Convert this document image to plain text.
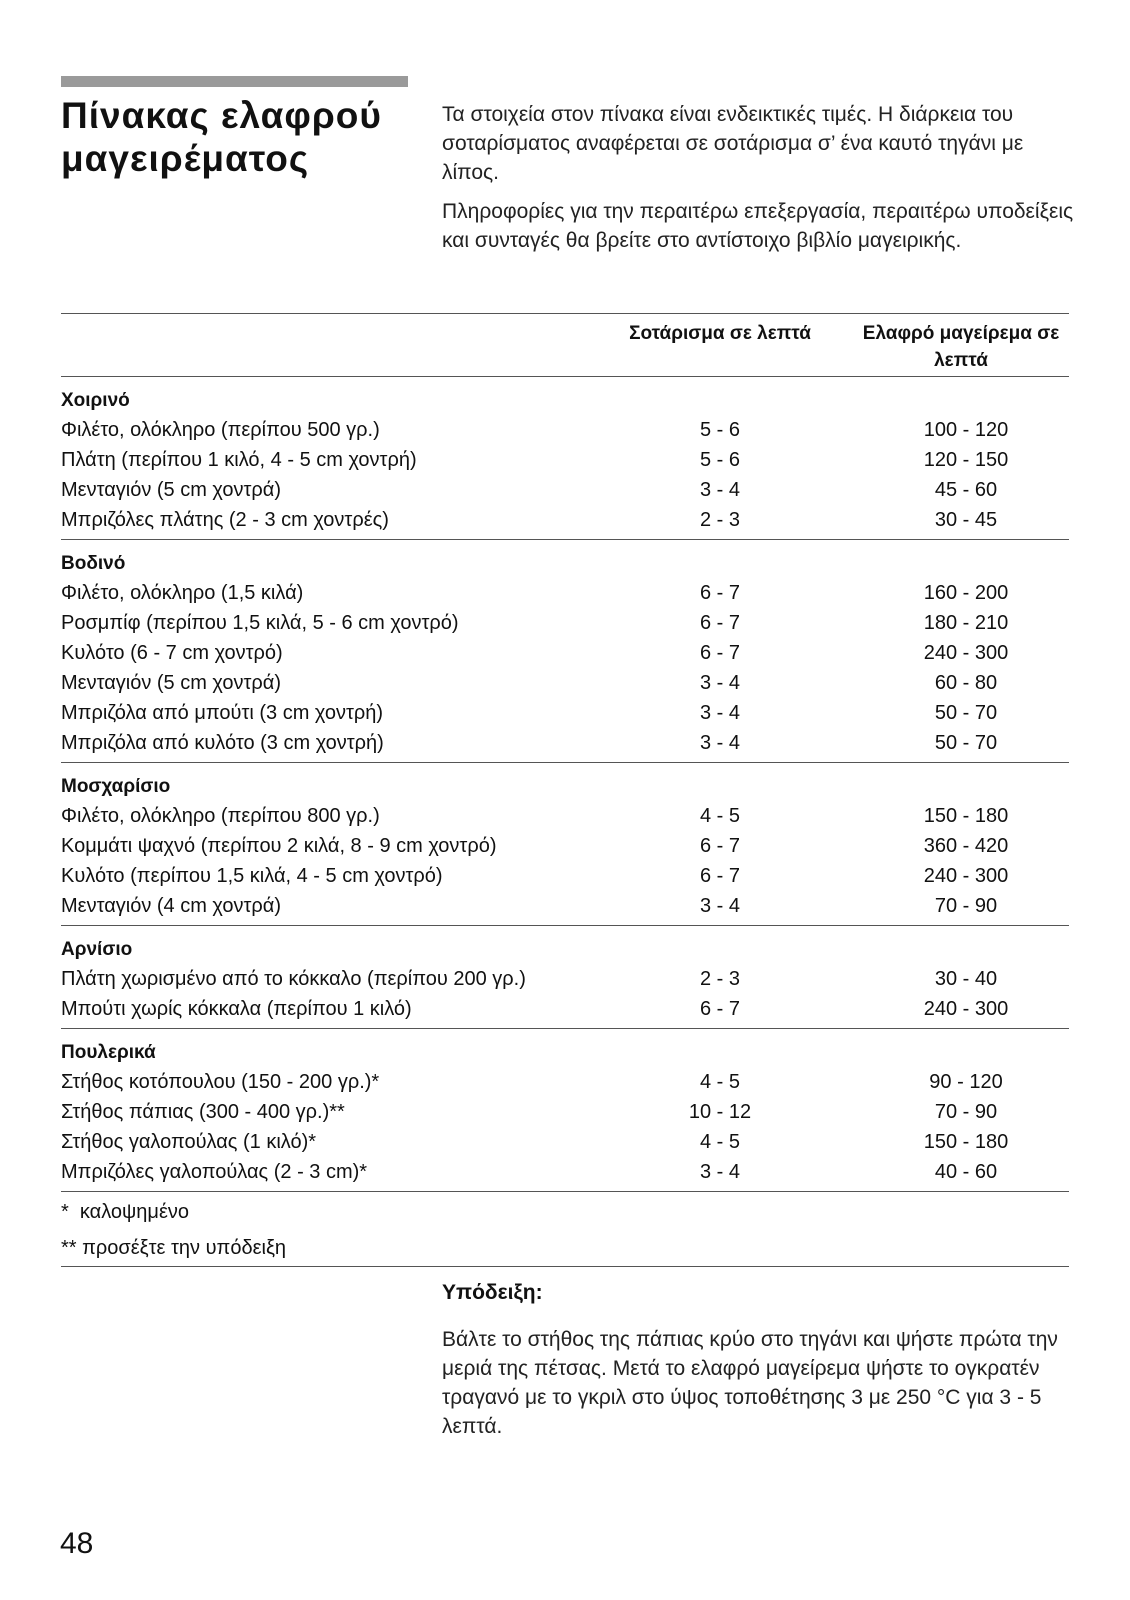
Πίνακας ελαφρού μαγειρέματος

Τα στοιχεία στον πίνακα είναι ενδεικτικές τιμές. Η διάρκεια του σοταρίσματος αναφέρεται σε σοτάρισμα σ’ ένα καυτό τηγάνι με λίπος.

Πληροφορίες για την περαιτέρω επεξεργασία, περαιτέρω υποδείξεις και συνταγές θα βρείτε στο αντίστοιχο βιβλίο μαγειρικής.

Σοτάρισμα σε λεπτά	Ελαφρό μαγείρεμα σε λεπτά
Χοιρινό
Φιλέτο, ολόκληρο (περίπου 500 γρ.)	5 - 6	100 - 120
Πλάτη (περίπου 1 κιλό, 4 - 5 cm χοντρή)	5 - 6	120 - 150
Μενταγιόν (5 cm χοντρά)	3 - 4	45 - 60
Μπριζόλες πλάτης (2 - 3 cm χοντρές)	2 - 3	30 - 45
Βοδινό
Φιλέτο, ολόκληρο (1,5 κιλά)	6 - 7	160 - 200
Ροσμπίφ (περίπου 1,5 κιλά, 5 - 6 cm χοντρό)	6 - 7	180 - 210
Κυλότο (6 - 7 cm χοντρό)	6 - 7	240 - 300
Μενταγιόν (5 cm χοντρά)	3 - 4	60 - 80
Μπριζόλα από μπούτι (3 cm χοντρή)	3 - 4	50 - 70
Μπριζόλα από κυλότο (3 cm χοντρή)	3 - 4	50 - 70
Μοσχαρίσιο
Φιλέτο, ολόκληρο (περίπου 800 γρ.)	4 - 5	150 - 180
Κομμάτι ψαχνό (περίπου 2 κιλά, 8 - 9 cm χοντρό)	6 - 7	360 - 420
Κυλότο (περίπου 1,5 κιλά, 4 - 5 cm χοντρό)	6 - 7	240 - 300
Μενταγιόν (4 cm χοντρά)	3 - 4	70 - 90
Αρνίσιο
Πλάτη χωρισμένο από το κόκκαλο (περίπου 200 γρ.)	2 - 3	30 - 40
Μπούτι χωρίς κόκκαλα (περίπου 1 κιλό)	6 - 7	240 - 300
Πουλερικά
Στήθος κοτόπουλου (150 - 200 γρ.)*	4 - 5	90 - 120
Στήθος πάπιας (300 - 400 γρ.)**	10 - 12	70 - 90
Στήθος γαλοπούλας (1 κιλό)*	4 - 5	150 - 180
Μπριζόλες γαλοπούλας (2 - 3 cm)*	3 - 4	40 - 60
*  καλοψημένο
** προσέξτε την υπόδειξη
Υπόδειξη:
Βάλτε το στήθος της πάπιας κρύο στο τηγάνι και ψήστε πρώτα την μεριά της πέτσας. Μετά το ελαφρό μαγείρεμα ψήστε το ογκρατέν τραγανό με το γκριλ στο ύψος τοποθέτησης 3 με 250 °C για 3 - 5 λεπτά.
48
